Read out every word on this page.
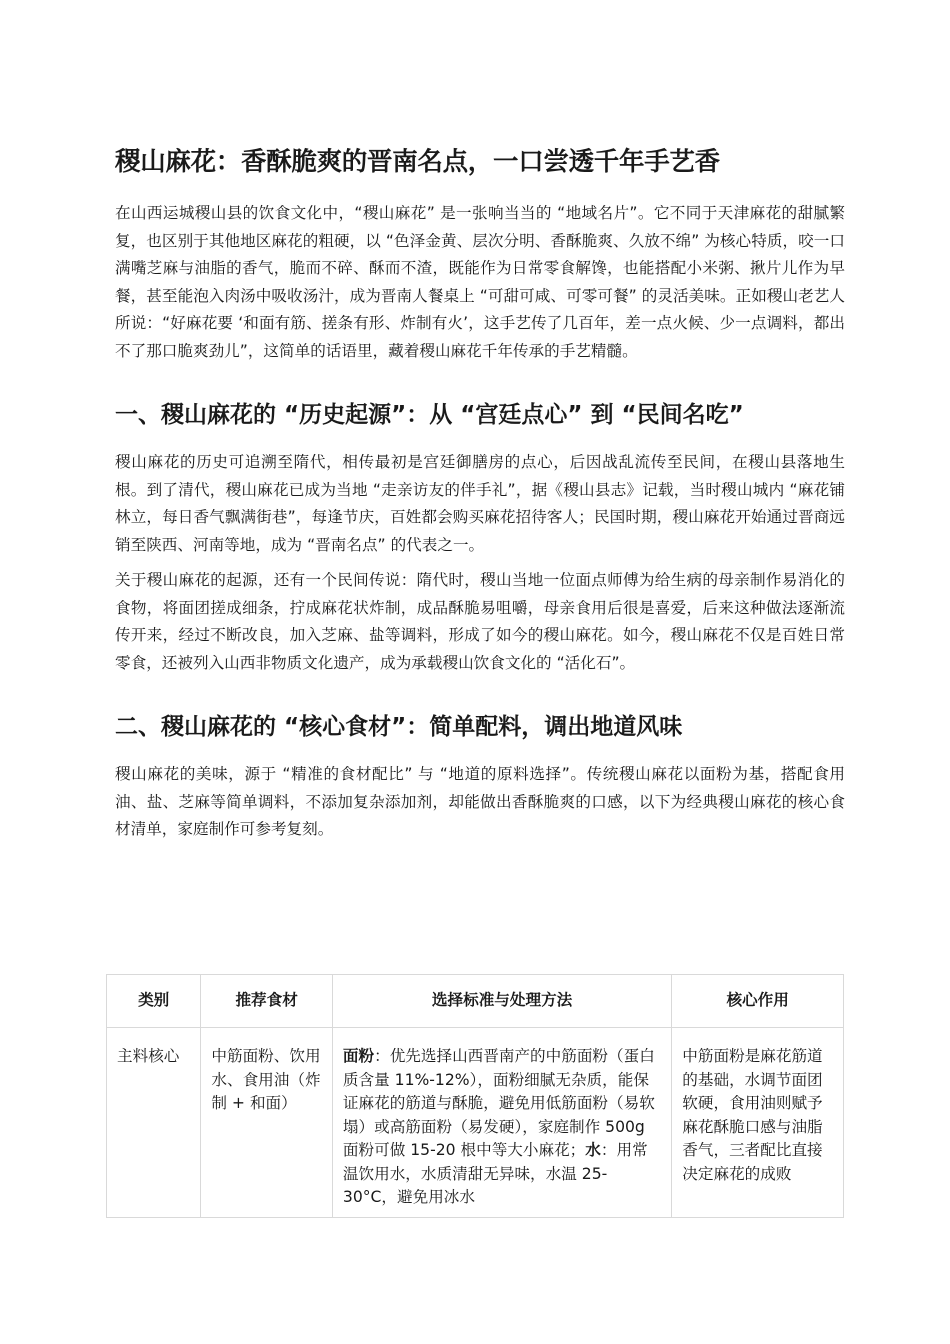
稷山麻花：香酥脆爽的晋南名点，一口尝透千年手艺香

在山西运城稷山县的饮食文化中，“稷山麻花” 是一张响当当的 “地域名片”。它不同于天津麻花的甜腻繁复，也区别于其他地区麻花的粗硬，以 “色泽金黄、层次分明、香酥脆爽、久放不绵” 为核心特质，咬一口满嘴芝麻与油脂的香气，脆而不碎、酥而不渣，既能作为日常零食解馋，也能搭配小米粥、揪片儿作为早餐，甚至能泡入肉汤中吸收汤汁，成为晋南人餐桌上 “可甜可咸、可零可餐” 的灵活美味。正如稷山老艺人所说：“好麻花要 ‘和面有筋、搓条有形、炸制有火’，这手艺传了几百年，差一点火候、少一点调料，都出不了那口脆爽劲儿”，这简单的话语里，藏着稷山麻花千年传承的手艺精髓。

一、稷山麻花的 “历史起源”：从 “宫廷点心” 到 “民间名吃”

稷山麻花的历史可追溯至隋代，相传最初是宫廷御膳房的点心，后因战乱流传至民间，在稷山县落地生根。到了清代，稷山麻花已成为当地 “走亲访友的伴手礼”，据《稷山县志》记载，当时稷山城内 “麻花铺林立，每日香气飘满街巷”，每逢节庆，百姓都会购买麻花招待客人；民国时期，稷山麻花开始通过晋商远销至陕西、河南等地，成为 “晋南名点” 的代表之一。

关于稷山麻花的起源，还有一个民间传说：隋代时，稷山当地一位面点师傅为给生病的母亲制作易消化的食物，将面团搓成细条，拧成麻花状炸制，成品酥脆易咀嚼，母亲食用后很是喜爱，后来这种做法逐渐流传开来，经过不断改良，加入芝麻、盐等调料，形成了如今的稷山麻花。如今，稷山麻花不仅是百姓日常零食，还被列入山西非物质文化遗产，成为承载稷山饮食文化的 “活化石”。

二、稷山麻花的 “核心食材”：简单配料，调出地道风味

稷山麻花的美味，源于 “精准的食材配比” 与 “地道的原料选择”。传统稷山麻花以面粉为基，搭配食用油、盐、芝麻等简单调料，不添加复杂添加剂，却能做出香酥脆爽的口感，以下为经典稷山麻花的核心食材清单，家庭制作可参考复刻。

类别	推荐食材	选择标准与处理方法	核心作用
主料核心	中筋面粉、饮用水、食用油（炸制 + 和面）	面粉：优先选择山西晋南产的中筋面粉（蛋白质含量 11%-12%），面粉细腻无杂质，能保证麻花的筋道与酥脆，避免用低筋面粉（易软塌）或高筋面粉（易发硬），家庭制作 500g 面粉可做 15-20 根中等大小麻花；水：用常温饮用水，水质清甜无异味，水温 25-30°C，避免用冰水	中筋面粉是麻花筋道的基础，水调节面团软硬，食用油则赋予麻花酥脆口感与油脂香气，三者配比直接决定麻花的成败
